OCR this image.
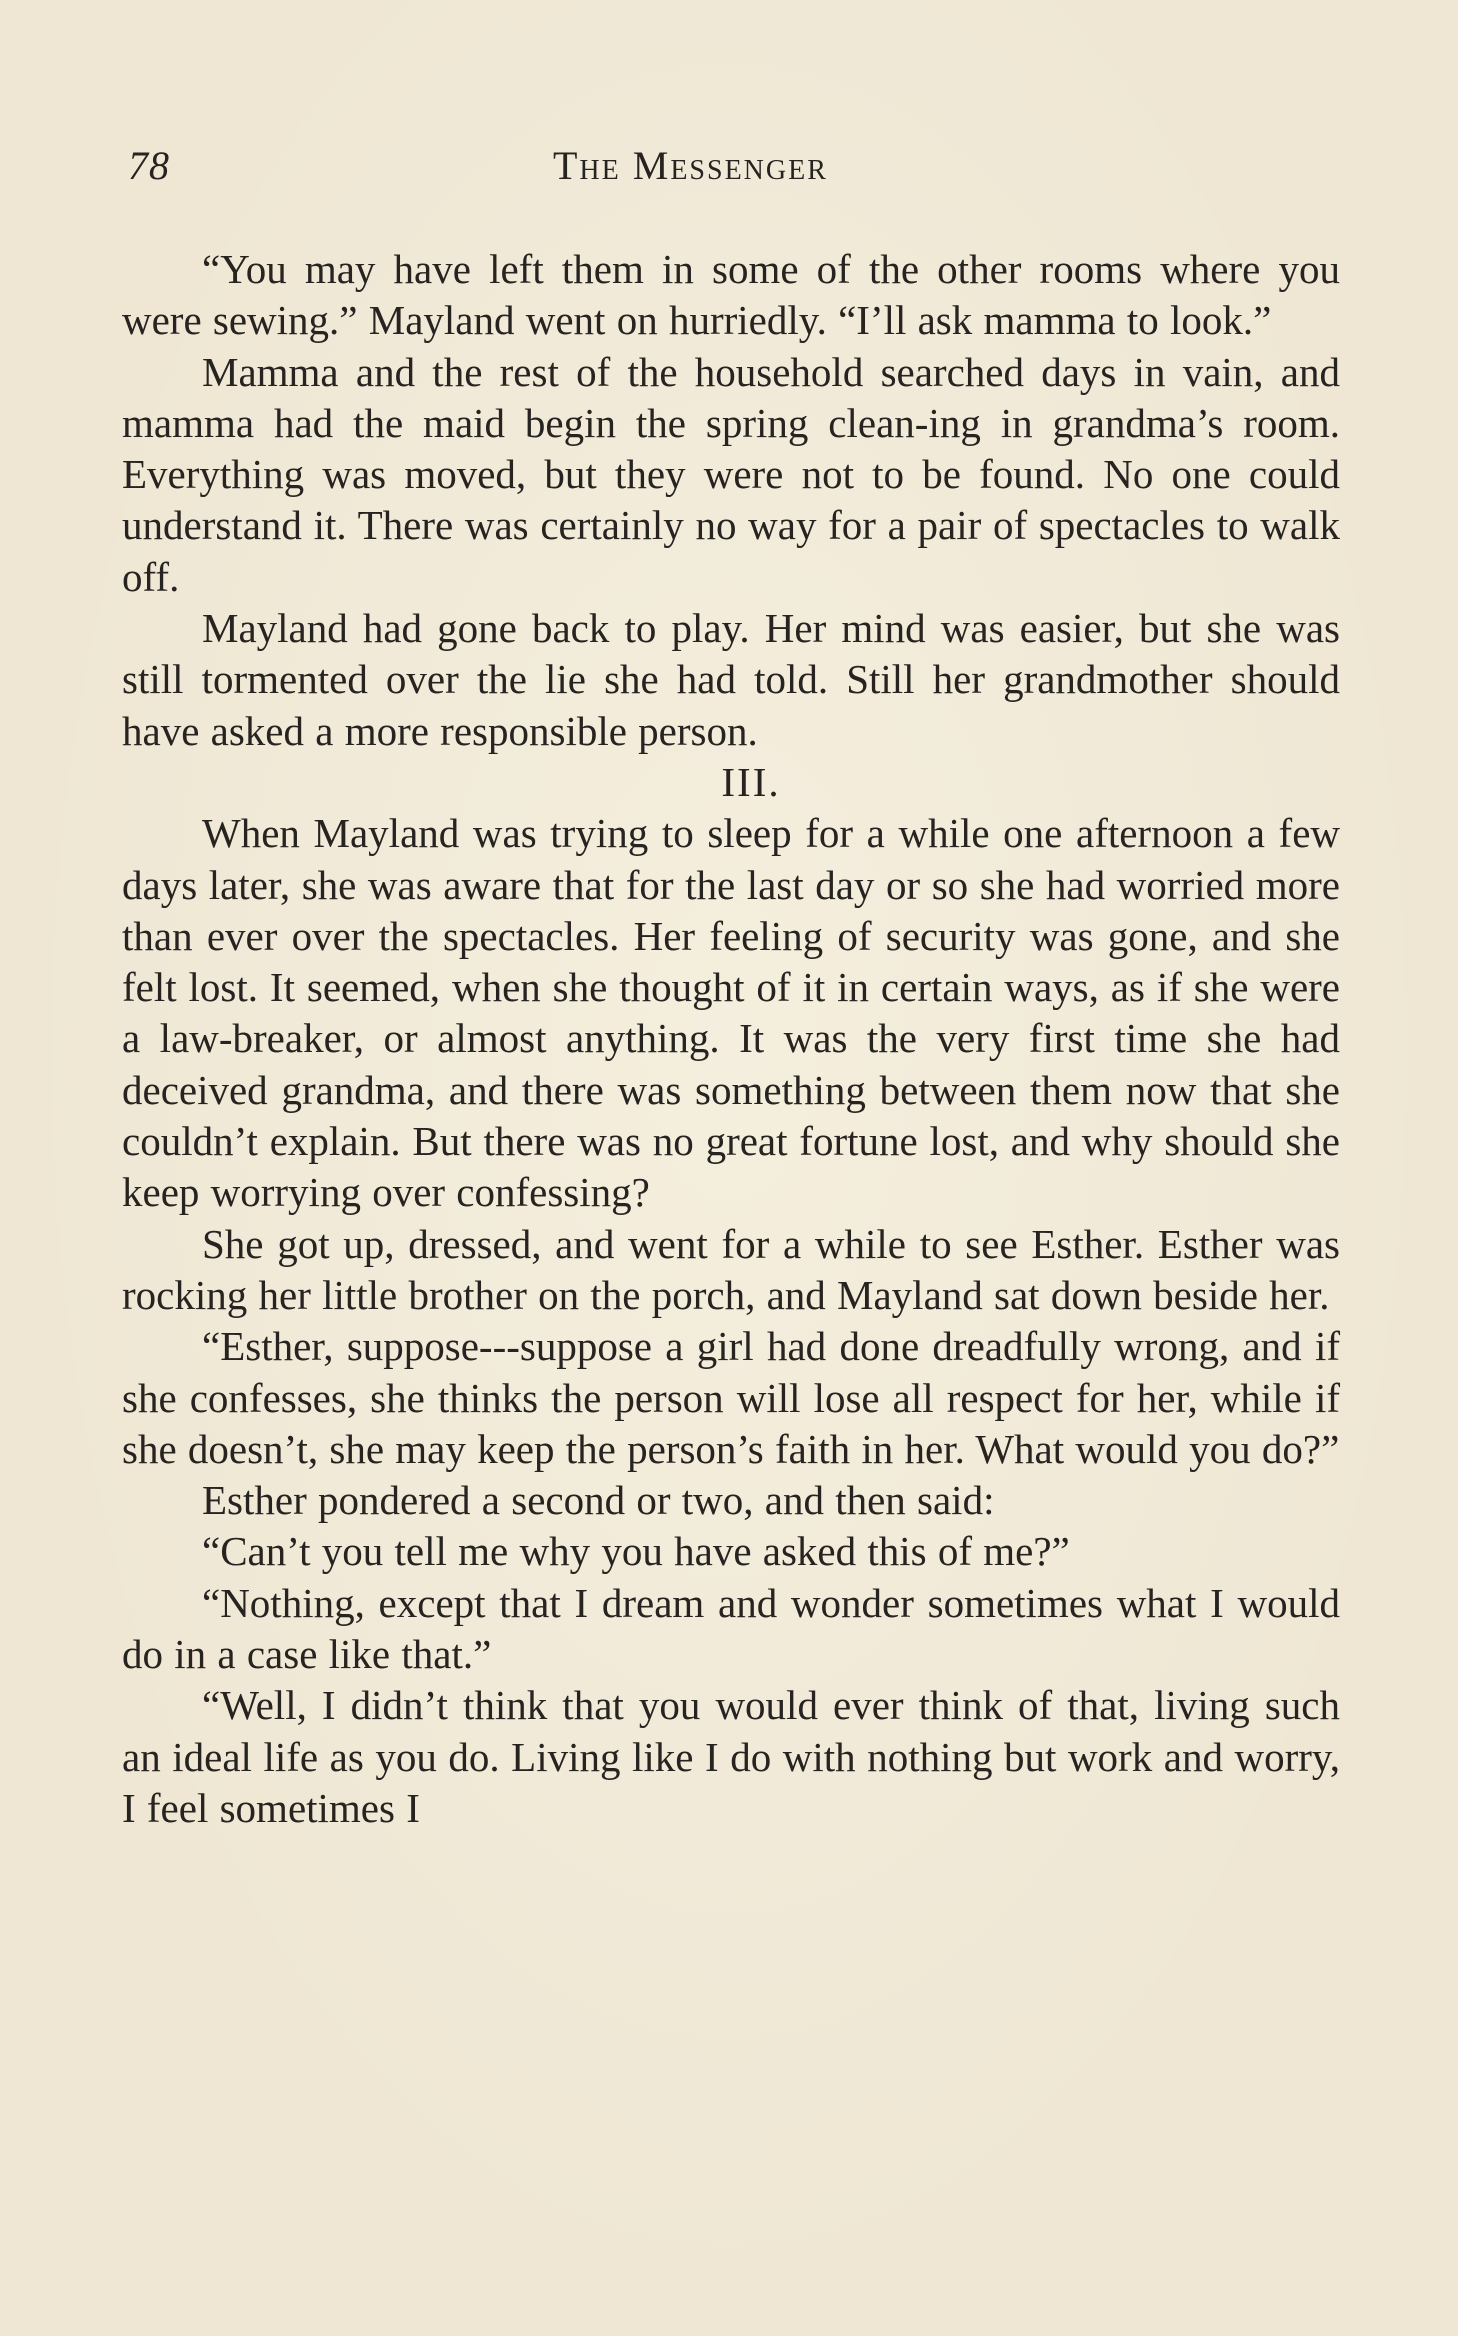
78	The Messenger

“You may have left them in some of the other rooms where you were sewing.” Mayland went on hurriedly. “I’ll ask mamma to look.”

Mamma and the rest of the household searched days in vain, and mamma had the maid begin the spring clean-ing in grandma’s room. Everything was moved, but they were not to be found. No one could understand it. There was certainly no way for a pair of spectacles to walk off.

Mayland had gone back to play. Her mind was easier, but she was still tormented over the lie she had told. Still her grandmother should have asked a more responsible person.

III.

When Mayland was trying to sleep for a while one afternoon a few days later, she was aware that for the last day or so she had worried more than ever over the spectacles. Her feeling of security was gone, and she felt lost. It seemed, when she thought of it in certain ways, as if she were a law-breaker, or almost anything. It was the very first time she had deceived grandma, and there was something between them now that she couldn’t explain. But there was no great fortune lost, and why should she keep worrying over confessing?

She got up, dressed, and went for a while to see Esther. Esther was rocking her little brother on the porch, and Mayland sat down beside her.

“Esther, suppose---suppose a girl had done dreadfully wrong, and if she confesses, she thinks the person will lose all respect for her, while if she doesn’t, she may keep the person’s faith in her. What would you do?”

Esther pondered a second or two, and then said:

“Can’t you tell me why you have asked this of me?”

“Nothing, except that I dream and wonder sometimes what I would do in a case like that.”

“Well, I didn’t think that you would ever think of that, living such an ideal life as you do. Living like I do with nothing but work and worry, I feel sometimes I
